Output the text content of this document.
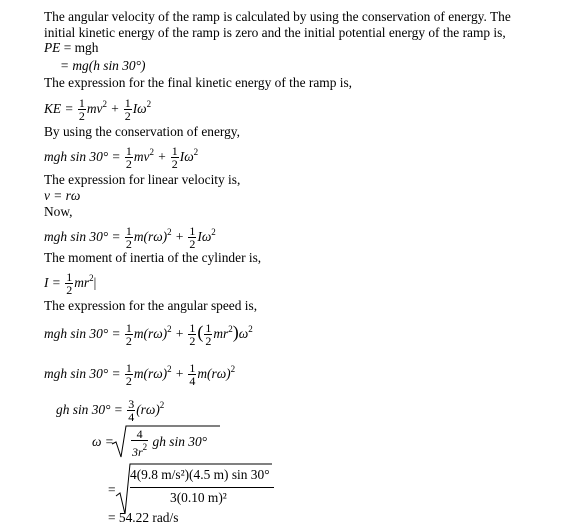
The angular velocity of the ramp is calculated by using the conservation of energy. The
initial kinetic energy of the ramp is zero and the initial potential energy of the ramp is,
PE = mgh
= mg(h sin 30°)
The expression for the final kinetic energy of the ramp is,
KE = $\frac{1}{2} mv^2 + \frac{1}{2} I\omega^2$
By using the conservation of energy,
mgh $\sin 30^\circ = \frac{1}{2} mv^2 + \frac{1}{2} I\omega^2$
The expression for linear velocity is,
v = rω
Now,
mgh $\sin 30^\circ = \frac{1}{2} m(r\omega)^2 + \frac{1}{2} I\omega^2$
The moment of inertia of the cylinder is,
$I = \frac{1}{2} mr^2|$
The expression for the angular speed is,
mgh $\sin 30^\circ = \frac{1}{2} m(r\omega)^2 + \frac{1}{2}$ ( $\frac{1}{2} mr^2)\omega^2$
mgh $\sin 30^\circ = \frac{1}{2} m(r\omega)^2 + \frac{1}{4} m(r\omega)^2$
gh $\sin 30^\circ = \frac{3}{4} (r\omega)^2$
$\omega = \frac{4}{3r^2}$ gh sin 30°
=
4(9.8 m/s²)(4.5 m) sin 30°
3(0.10 m)²
= 54.22 rad/s
